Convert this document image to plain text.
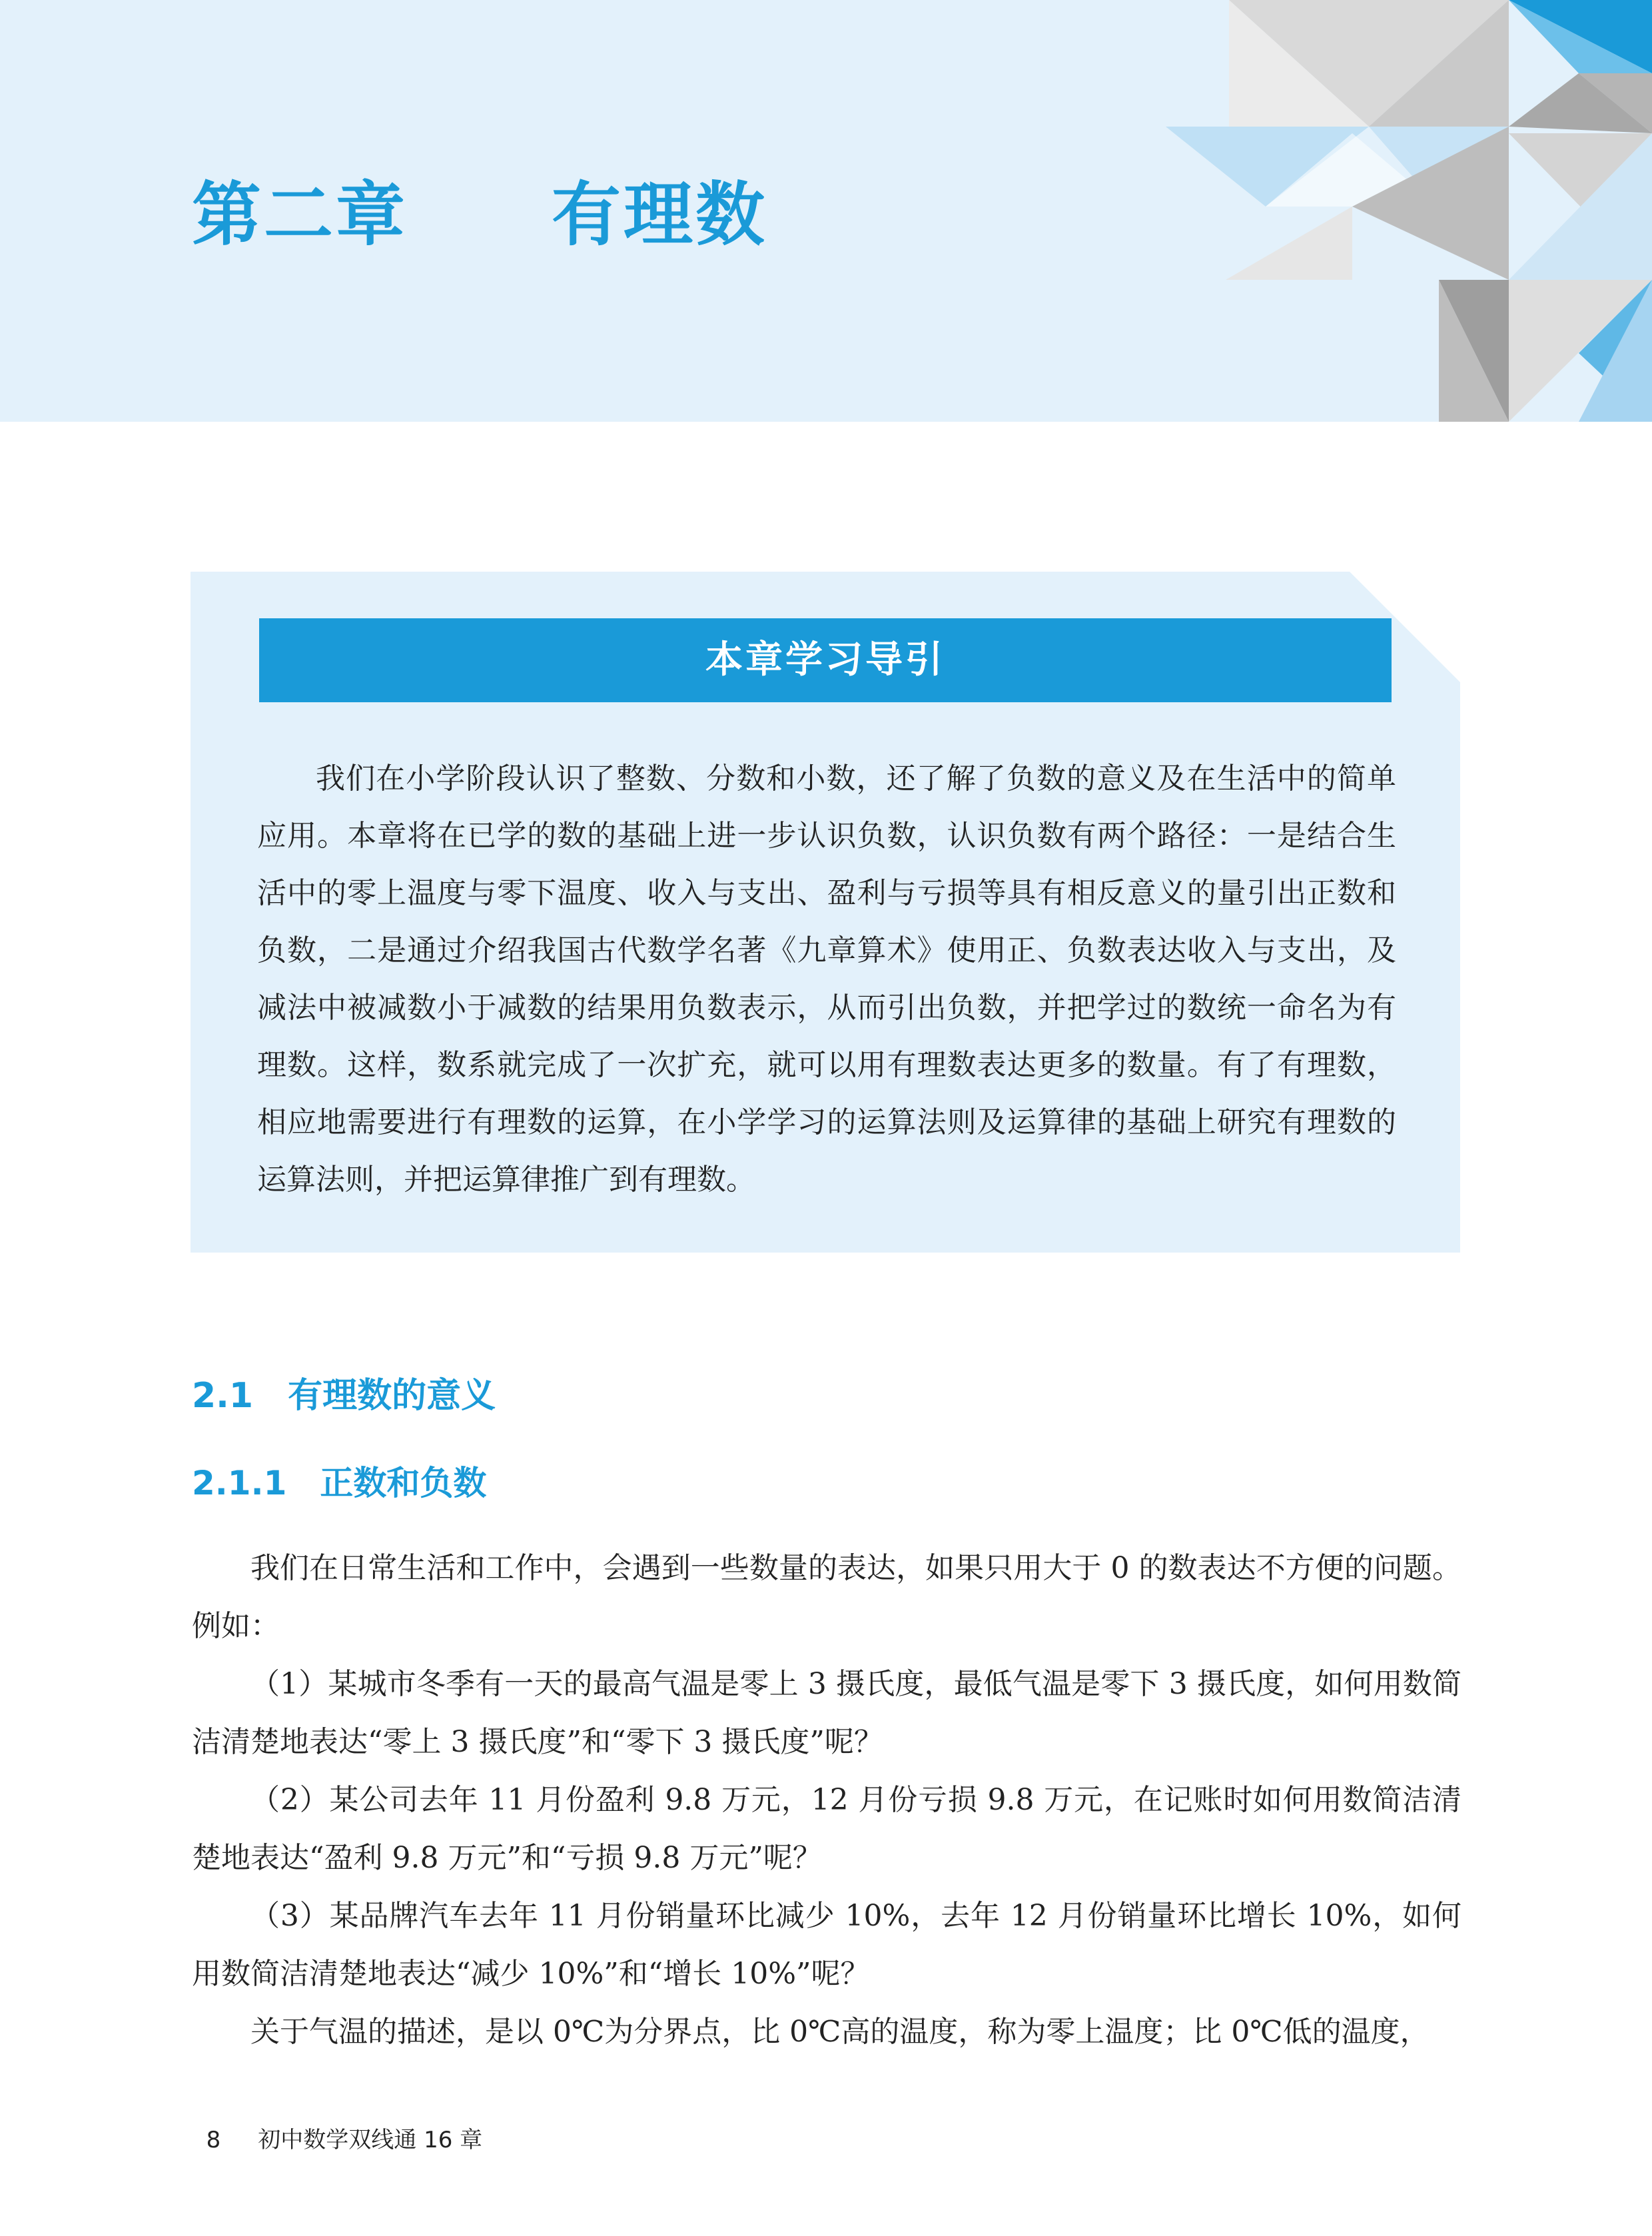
第二章　　有理数
本章学习导引

我们在小学阶段认识了整数、分数和小数，还了解了负数的意义及在生活中的简单应用。本章将在已学的数的基础上进一步认识负数，认识负数有两个路径：一是结合生活中的零上温度与零下温度、收入与支出、盈利与亏损等具有相反意义的量引出正数和负数，二是通过介绍我国古代数学名著《九章算术》使用正、负数表达收入与支出，及减法中被减数小于减数的结果用负数表示，从而引出负数，并把学过的数统一命名为有理数。这样，数系就完成了一次扩充，就可以用有理数表达更多的数量。有了有理数，相应地需要进行有理数的运算，在小学学习的运算法则及运算律的基础上研究有理数的运算法则，并把运算律推广到有理数。

2.1　有理数的意义
2.1.1　正数和负数

我们在日常生活和工作中，会遇到一些数量的表达，如果只用大于 0 的数表达不方便的问题。例如：

（1）某城市冬季有一天的最高气温是零上 3 摄氏度，最低气温是零下 3 摄氏度，如何用数简洁清楚地表达“零上 3 摄氏度”和“零下 3 摄氏度”呢？

（2）某公司去年 11 月份盈利 9.8 万元，12 月份亏损 9.8 万元，在记账时如何用数简洁清楚地表达“盈利 9.8 万元”和“亏损 9.8 万元”呢？

（3）某品牌汽车去年 11 月份销量环比减少 10%，去年 12 月份销量环比增长 10%，如何用数简洁清楚地表达“减少 10%”和“增长 10%”呢？

关于气温的描述，是以 0℃为分界点，比 0℃高的温度，称为零上温度；比 0℃低的温度，

8 初中数学双线通 16 章
